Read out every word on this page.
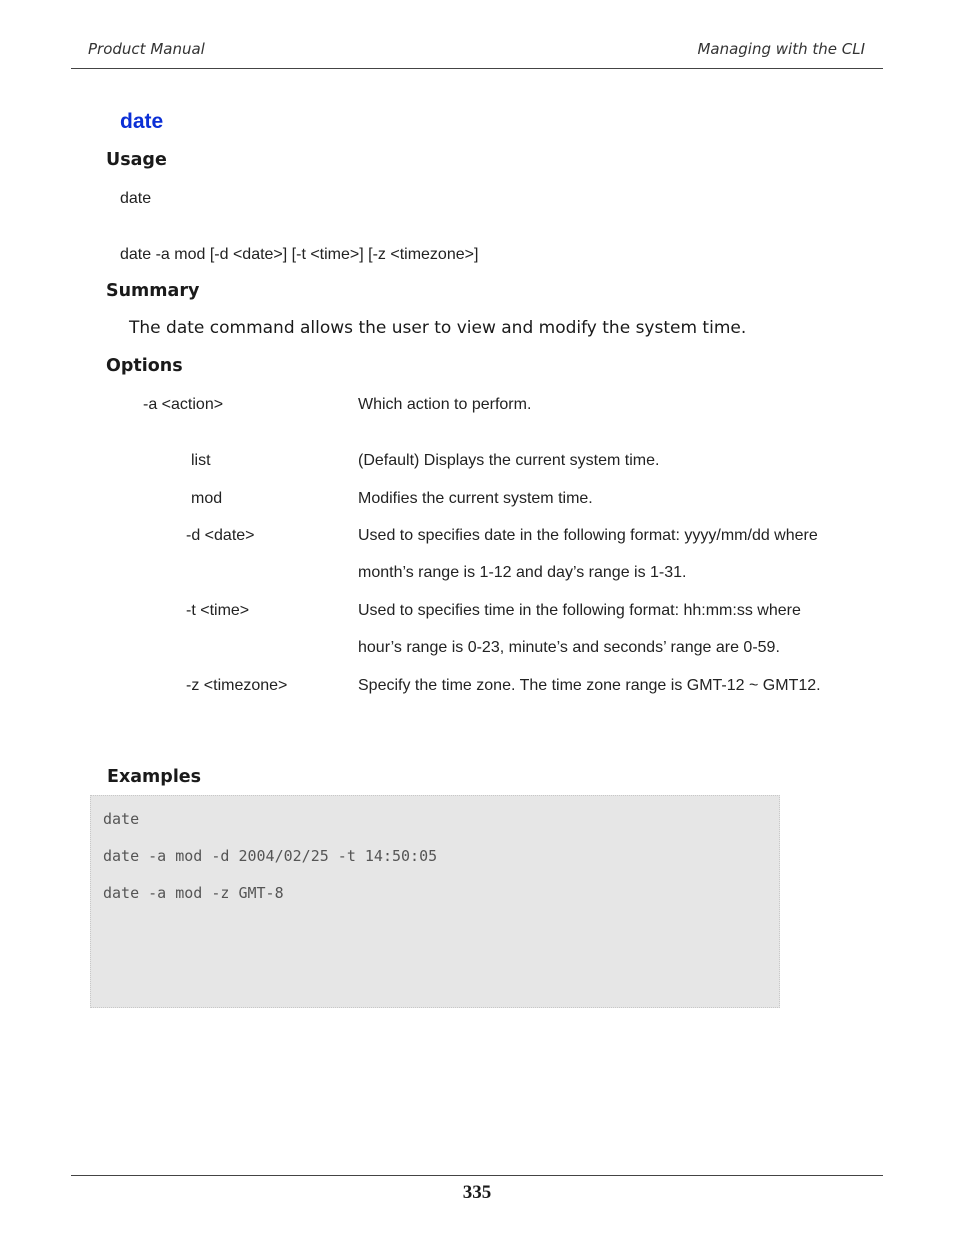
Product Manual	Managing with the CLI
date
Usage
date
date -a mod [-d <date>] [-t <time>] [-z <timezone>]
Summary
The date command allows the user to view and modify the system time.
Options
-a <action>	Which action to perform.
list	(Default) Displays the current system time.
mod	Modifies the current system time.
-d <date>	Used to specifies date in the following format: yyyy/mm/dd where
month’s range is 1-12 and day’s range is 1-31.
-t <time>	Used to specifies time in the following format: hh:mm:ss where
hour’s range is 0-23, minute’s and seconds’ range are 0-59.
-z <timezone>	Specify the time zone. The time zone range is GMT-12 ~ GMT12.
Examples
date
date -a mod -d 2004/02/25 -t 14:50:05
date -a mod -z GMT-8
335
